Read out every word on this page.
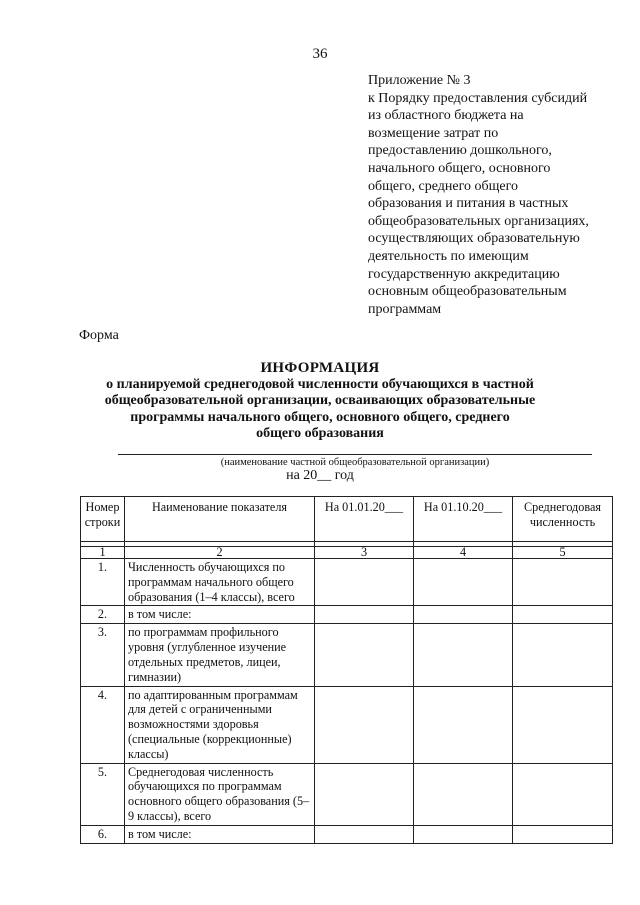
36
Приложение № 3
к Порядку предоставления субсидий
из областного бюджета на
возмещение затрат по
предоставлению дошкольного,
начального общего, основного
общего, среднего общего
образования и питания в частных
общеобразовательных организациях,
осуществляющих образовательную
деятельность по имеющим
государственную аккредитацию
основным общеобразовательным
программам
Форма
ИНФОРМАЦИЯ
о планируемой среднегодовой численности обучающихся в частной
общеобразовательной организации, осваивающих образовательные
программы начального общего, основного общего, среднего
общего образования
(наименование частной общеобразовательной организации)
на 20__ год
Номер строки	Наименование показателя	На 01.01.20___	На 01.10.20___	Среднегодовая численность

1	2	3	4	5
1.	Численность обучающихся по программам начального общего образования (1–4 классы), всего			
2.	в том числе:			
3.	по программам профильного уровня (углубленное изучение отдельных предметов, лицеи, гимназии)			
4.	по адаптированным программам для детей с ограниченными возможностями здоровья (специальные (коррекционные) классы)			
5.	Среднегодовая численность обучающихся по программам основного общего образования (5–9 классы), всего			
6.	в том числе:			
